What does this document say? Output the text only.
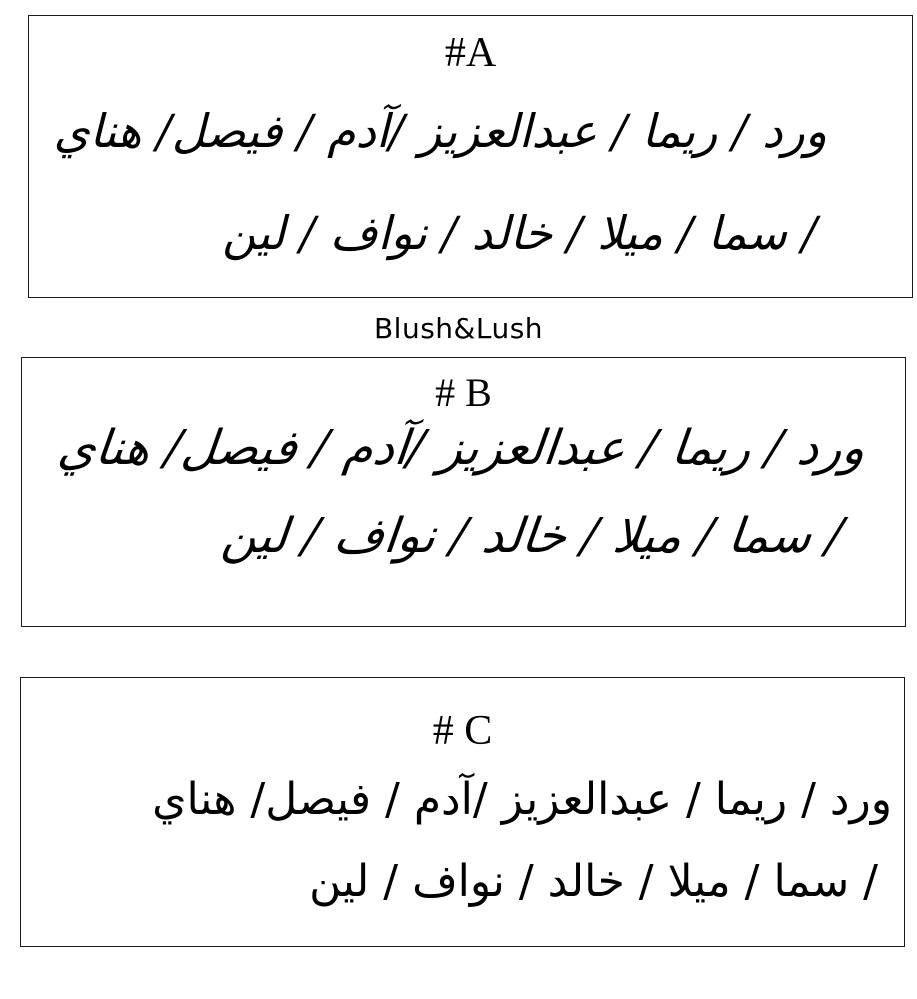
#A
ورد / ريما / عبدالعزيز /آدم / فيصل/ هناي
/ سما / ميلا / خالد / نواف / لين
Blush&Lush
# B
ورد / ريما / عبدالعزيز /آدم / فيصل/ هناي
/ سما / ميلا / خالد / نواف / لين
# C
ورد / ريما / عبدالعزيز /آدم / فيصل/ هناي
/ سما / ميلا / خالد / نواف / لين
